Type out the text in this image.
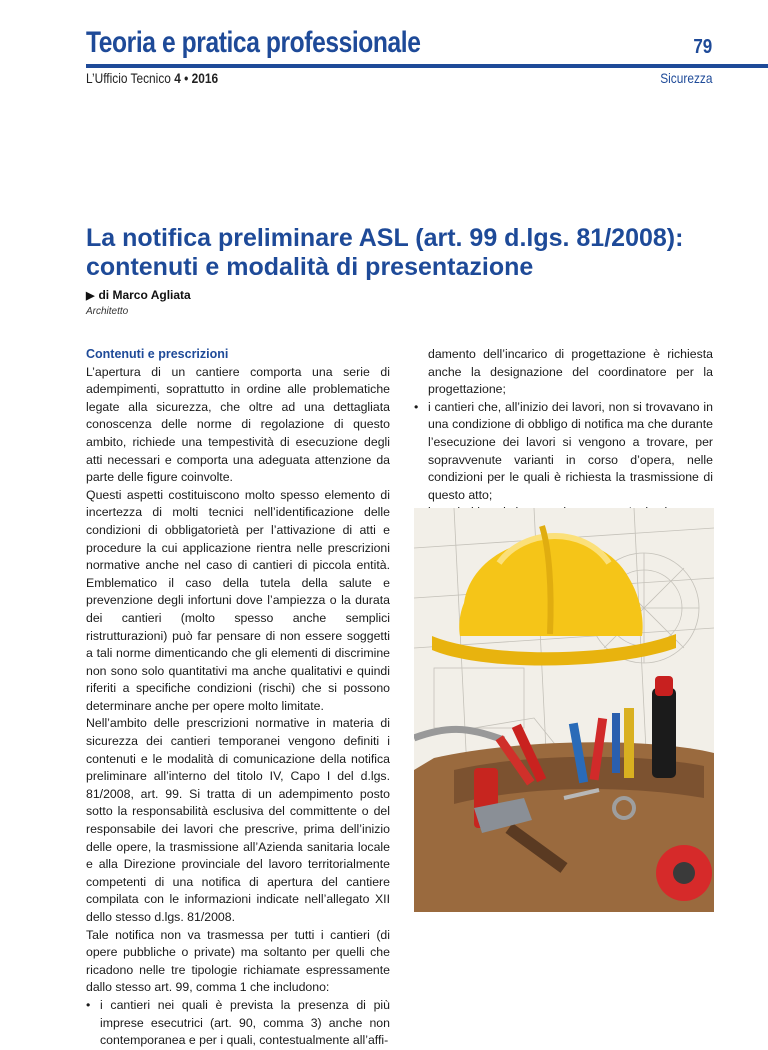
Teoria e pratica professionale	79
L’Ufficio Tecnico 4 • 2016	Sicurezza
La notifica preliminare ASL (art. 99 d.lgs. 81/2008): contenuti e modalità di presentazione
▶ di Marco Agliata
Architetto

Contenuti e prescrizioni

L’apertura di un cantiere comporta una serie di adempimenti, soprattutto in ordine alle problematiche legate alla sicurezza, che oltre ad una dettagliata conoscenza delle norme di regolazione di questo ambito, richiede una tempestività di esecuzione degli atti necessari e comporta una adeguata attenzione da parte delle figure coinvolte.

Questi aspetti costituiscono molto spesso elemento di incertezza di molti tecnici nell’identificazione delle condizioni di obbligatorietà per l’attivazione di atti e procedure la cui applicazione rientra nelle prescrizioni normative anche nel caso di cantieri di piccola entità. Emblematico il caso della tutela della salute e prevenzione degli infortuni dove l’ampiezza o la durata dei cantieri (molto spesso anche semplici ristrutturazioni) può far pensare di non essere soggetti a tali norme dimenticando che gli elementi di discrimine non sono solo quantitativi ma anche qualitativi e quindi riferiti a specifiche condizioni (rischi) che si possono determinare anche per opere molto limitate.

Nell’ambito delle prescrizioni normative in materia di sicurezza dei cantieri temporanei vengono definiti i contenuti e le modalità di comunicazione della notifica preliminare all’interno del titolo IV, Capo I del d.lgs. 81/2008, art. 99. Si tratta di un adempimento posto sotto la responsabilità esclusiva del committente o del responsabile dei lavori che prescrive, prima dell’inizio delle opere, la trasmissione all’Azienda sanitaria locale e alla Direzione provinciale del lavoro territorialmente competenti di una notifica di apertura del cantiere compilata con le informazioni indicate nell’allegato XII dello stesso d.lgs. 81/2008.

Tale notifica non va trasmessa per tutti i cantieri (di opere pubbliche o private) ma soltanto per quelli che ricadono nelle tre tipologie richiamate espressamente dallo stesso art. 99, comma 1 che includono:

• i cantieri nei quali è prevista la presenza di più imprese esecutrici (art. 90, comma 3) anche non contemporanea e per i quali, contestualmente all’affi-

damento dell’incarico di progettazione è richiesta anche la designazione del coordinatore per la progettazione;

• i cantieri che, all’inizio dei lavori, non si trovavano in una condizione di obbligo di notifica ma che durante l’esecuzione dei lavori si vengono a trovare, per sopravvenute varianti in corso d’opera, nelle condizioni per le quali è richiesta la trasmissione di questo atto;
